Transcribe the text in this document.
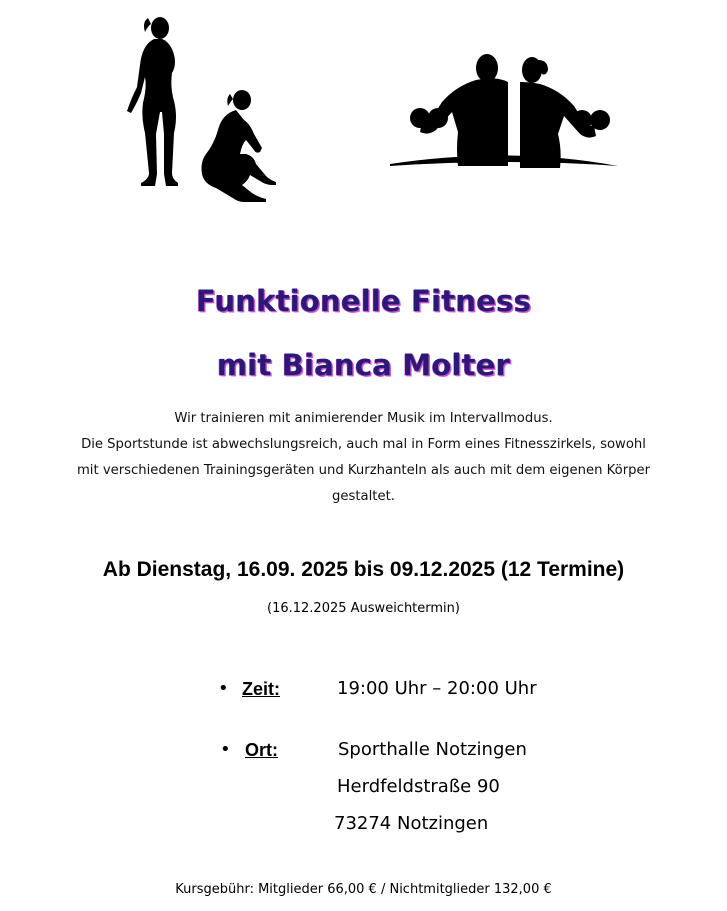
Funktionelle Fitness
mit Bianca Molter
Wir trainieren mit animierender Musik im Intervallmodus.
Die Sportstunde ist abwechslungsreich, auch mal in Form eines Fitnesszirkels, sowohl
mit verschiedenen Trainingsgeräten und Kurzhanteln als auch mit dem eigenen Körper
gestaltet.
Ab Dienstag, 16.09. 2025 bis 09.12.2025 (12 Termine)
(16.12.2025 Ausweichtermin)
• Zeit:	19:00 Uhr – 20:00 Uhr
• Ort:	Sporthalle Notzingen
Herdfeldstraße 90
73274 Notzingen
Kursgebühr: Mitglieder 66,00 € / Nichtmitglieder 132,00 €
